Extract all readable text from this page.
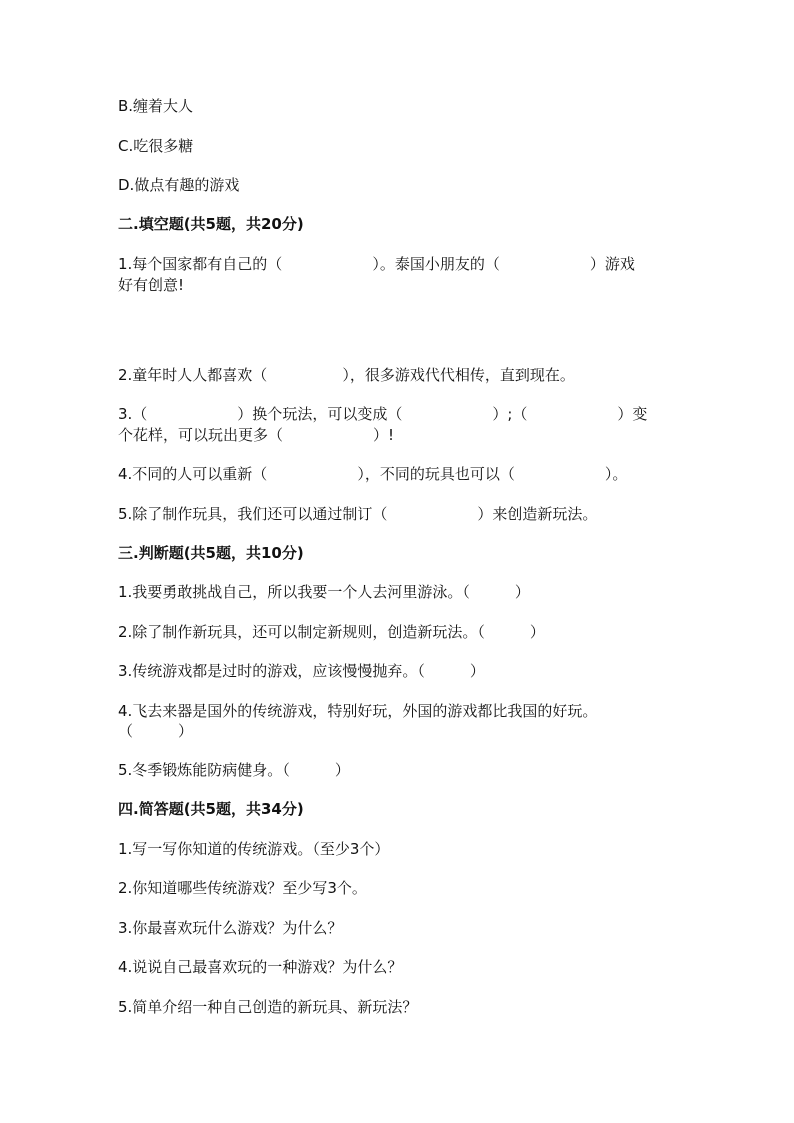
B.缠着大人
C.吃很多糖
D.做点有趣的游戏
二.填空题(共5题，共20分)
1.每个国家都有自己的（　　　　　　）。泰国小朋友的（　　　　　　）游戏
好有创意!
2.童年时人人都喜欢（　　　　　），很多游戏代代相传，直到现在。
3.（　　　　　　）换个玩法，可以变成（　　　　　　）;（　　　　　　）变
个花样，可以玩出更多（　　　　　　）!
4.不同的人可以重新（　　　　　　），不同的玩具也可以（　　　　　　）。
5.除了制作玩具，我们还可以通过制订（　　　　　　）来创造新玩法。
三.判断题(共5题，共10分)
1.我要勇敢挑战自己，所以我要一个人去河里游泳。（　　　）
2.除了制作新玩具，还可以制定新规则，创造新玩法。（　　　）
3.传统游戏都是过时的游戏，应该慢慢抛弃。（　　　）
4.飞去来器是国外的传统游戏，特别好玩，外国的游戏都比我国的好玩。
（　　　）
5.冬季锻炼能防病健身。（　　　）
四.简答题(共5题，共34分)
1.写一写你知道的传统游戏。（至少3个）
2.你知道哪些传统游戏？至少写3个。
3.你最喜欢玩什么游戏？为什么？
4.说说自己最喜欢玩的一种游戏？为什么？
5.简单介绍一种自己创造的新玩具、新玩法？
